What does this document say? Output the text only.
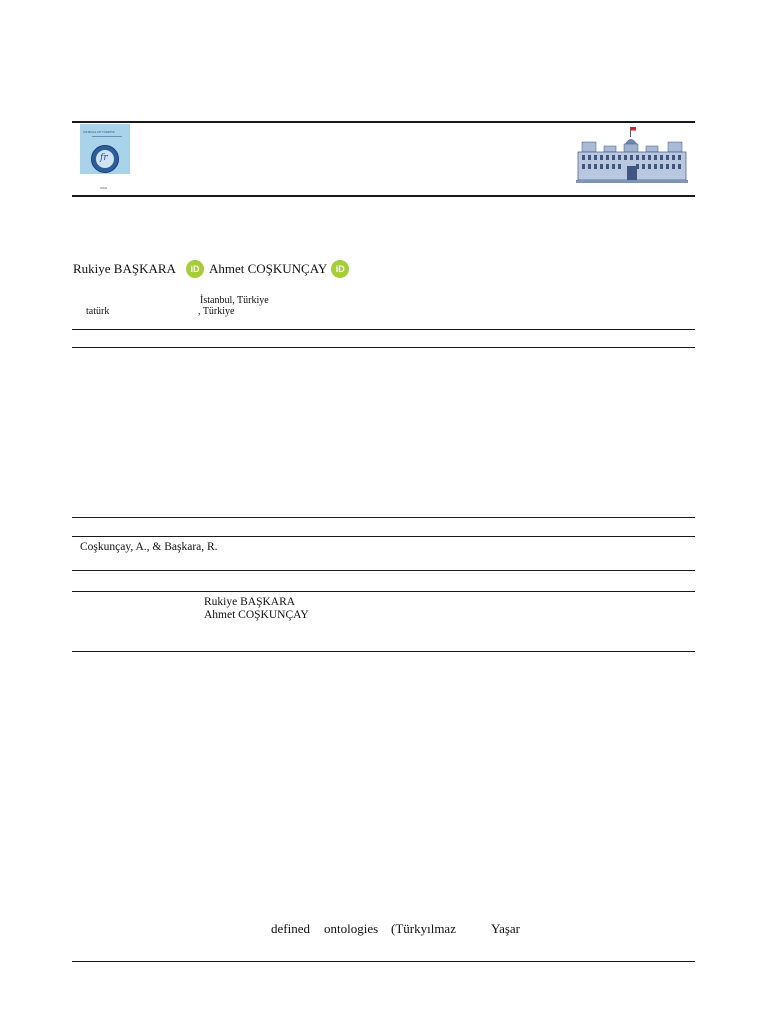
JOURNAL OF TÜRKİYE
fr
ISSN
Rukiye BAŞKARA	iD Ahmet COŞKUNÇAY iD
İstanbul, Türkiye
tatürk	, Türkiye
Coşkunçay, A., & Başkara, R.
Rukiye BAŞKARA
Ahmet COŞKUNÇAY
defined ontologies (Türkyılmaz	Yaşar
